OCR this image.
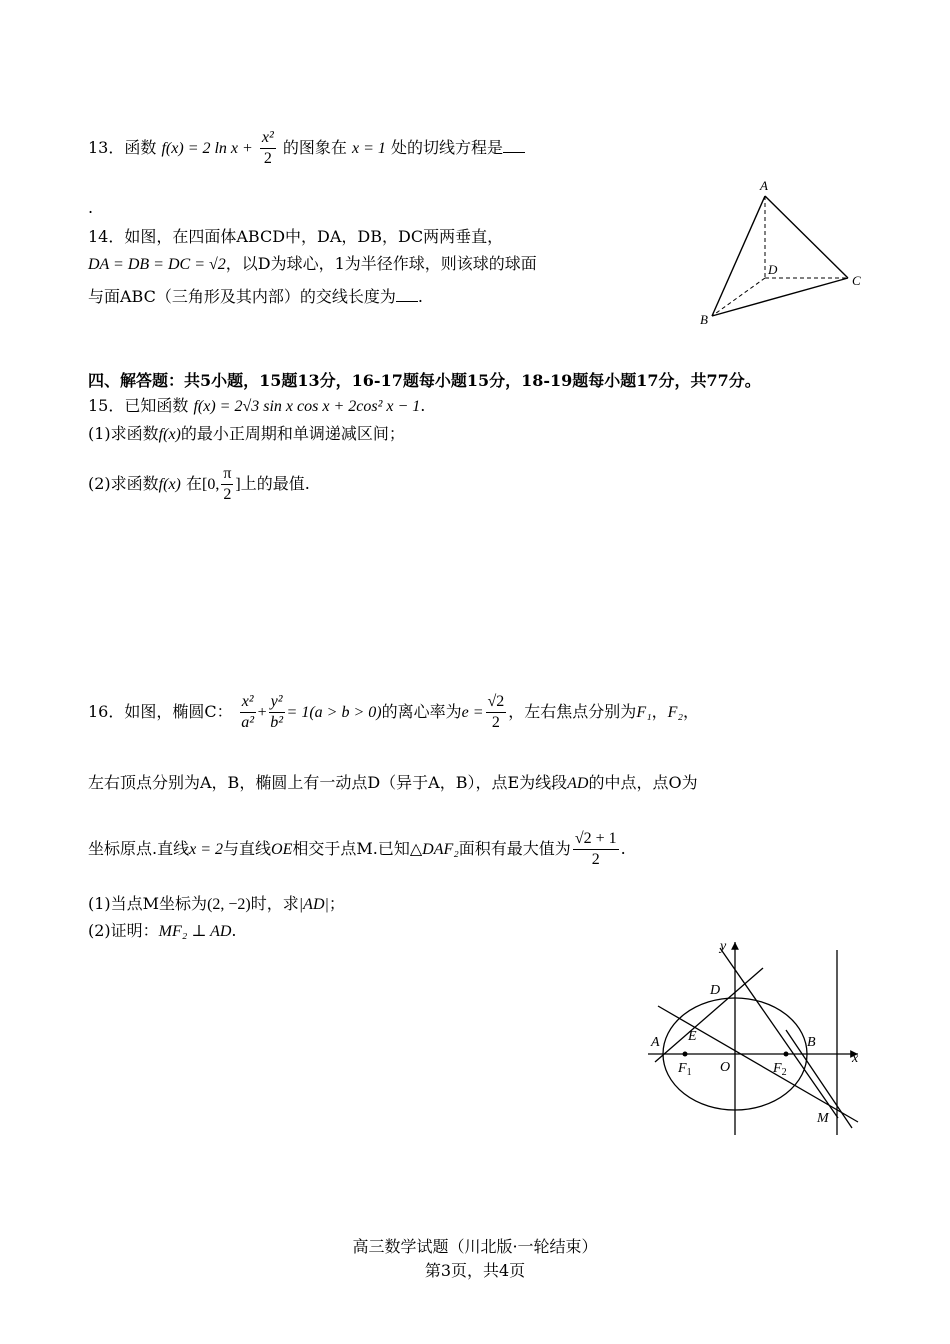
13．函数 f(x) = 2 $\ln x + \frac{\text{x²}}{2}$ 的图象在 x = 1 处的切线方程是
.
14．如图，在四面体ABCD中，DA，DB，DC两两垂直，
DA = DB = DC = √2，以D为球心，1为半径作球，则该球的球面
与面ABC（三角形及其内部）的交线长度为 .
A
B
C
D
四、解答题：共5小题，15题13分，16-17题每小题15分，18-19题每小题17分，共77分。
15．已知函数 f(x) = 2√3 sin x cos x + 2cos² x − 1.
(1)求函数f(x)的最小正周期和单调递减区间；
(2)求函数f(x) 在[0, $\frac{\pi}{2}$ ]上的最值.
16．如图，椭圆C： $\frac{\text{x²}}{\text{a²}} + \frac{\text{y²}}{\text{b²}} = 1(a > b > 0)$的离心率为$e = \frac{√2}{2}$ ，左右焦点分别为F₁，F₂，
左右顶点分别为A，B，椭圆上有一动点D（异于A，B），点E为线段AD的中点，点O为
坐标原点.直线x = 2与直线OE相交于点M.已知△DAF₂面积有最大值为 $\frac{√2 + 1}{2}$ .
(1)当点M坐标为(2, −2)时，求|AD|；
(2)证明：MF₂ ⊥ AD.
y
x
D
A E
$F_1$ O	$F_2$
B
M
高三数学试题（川北版·一轮结束）
第3页，共4页
